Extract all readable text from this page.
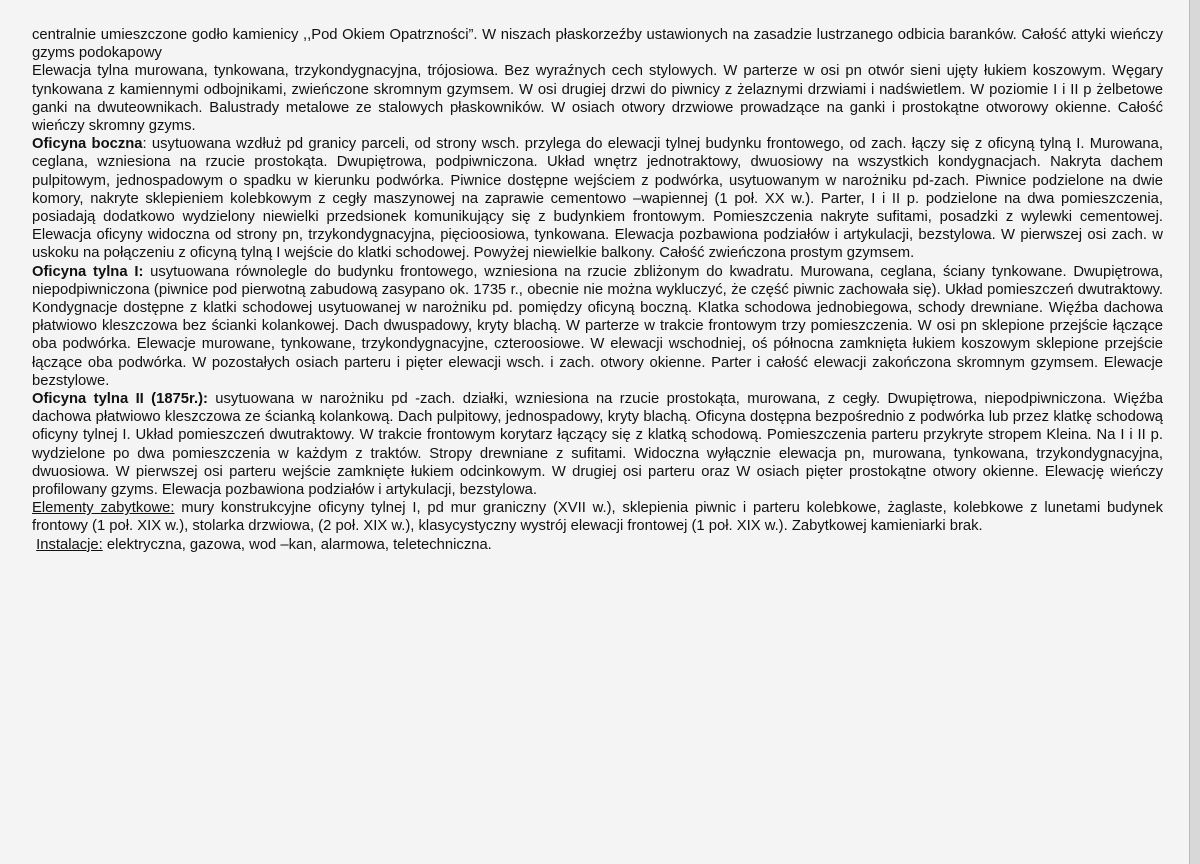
centralnie umieszczone godło kamienicy ,,Pod Okiem Opatrzności”. W niszach płaskorzeźby ustawionych na zasadzie lustrzanego odbicia baranków. Całość attyki wieńczy gzyms podokapowy

Elewacja tylna murowana, tynkowana, trzykondygnacyjna, trójosiowa. Bez wyraźnych cech stylowych. W parterze w osi pn otwór sieni ujęty łukiem koszowym. Węgary tynkowana z kamiennymi odbojnikami, zwieńczone skromnym gzymsem. W osi drugiej drzwi do piwnicy z żelaznymi drzwiami i nadświetlem. W poziomie I i II p żelbetowe ganki na dwuteownikach. Balustrady metalowe ze stalowych płaskowników. W osiach otwory drzwiowe prowadzące na ganki i prostokątne otworowy okienne. Całość wieńczy skromny gzyms.

Oficyna boczna: usytuowana wzdłuż pd granicy parceli, od strony wsch. przylega do elewacji tylnej budynku frontowego, od zach. łączy się z oficyną tylną I. Murowana, ceglana, wzniesiona na rzucie prostokąta. Dwupiętrowa, podpiwniczona. Układ wnętrz jednotraktowy, dwuosiowy na wszystkich kondygnacjach. Nakryta dachem pulpitowym, jednospadowym o spadku w kierunku podwórka. Piwnice dostępne wejściem z podwórka, usytuowanym w narożniku pd-zach. Piwnice podzielone na dwie komory, nakryte sklepieniem kolebkowym z cegły maszynowej na zaprawie cementowo –wapiennej (1 poł. XX w.). Parter, I i II p. podzielone na dwa pomieszczenia, posiadają dodatkowo wydzielony niewielki przedsionek komunikujący się z budynkiem frontowym. Pomieszczenia nakryte sufitami, posadzki z wylewki cementowej. Elewacja oficyny widoczna od strony pn, trzykondygnacyjna, pięcioosiowa, tynkowana. Elewacja pozbawiona podziałów i artykulacji, bezstylowa. W pierwszej osi zach. w uskoku na połączeniu z oficyną tylną I wejście do klatki schodowej. Powyżej niewielkie balkony. Całość zwieńczona prostym gzymsem.

Oficyna tylna I: usytuowana równolegle do budynku frontowego, wzniesiona na rzucie zbliżonym do kwadratu. Murowana, ceglana, ściany tynkowane. Dwupiętrowa, niepodpiwniczona (piwnice pod pierwotną zabudową zasypano ok. 1735 r., obecnie nie można wykluczyć, że część piwnic zachowała się). Układ pomieszczeń dwutraktowy. Kondygnacje dostępne z klatki schodowej usytuowanej w narożniku pd. pomiędzy oficyną boczną. Klatka schodowa jednobiegowa, schody drewniane. Więźba dachowa płatwiowo kleszczowa bez ścianki kolankowej. Dach dwuspadowy, kryty blachą. W parterze w trakcie frontowym trzy pomieszczenia. W osi pn sklepione przejście łączące oba podwórka. Elewacje murowane, tynkowane, trzykondygnacyjne, czteroosiowe. W elewacji wschodniej, oś północna zamknięta łukiem koszowym sklepione przejście łączące oba podwórka. W pozostałych osiach parteru i pięter elewacji wsch. i zach. otwory okienne. Parter i całość elewacji zakończona skromnym gzymsem. Elewacje bezstylowe.

Oficyna tylna II (1875r.): usytuowana w narożniku pd -zach. działki, wzniesiona na rzucie prostokąta, murowana, z cegły. Dwupiętrowa, niepodpiwniczona. Więźba dachowa płatwiowo kleszczowa ze ścianką kolankową. Dach pulpitowy, jednospadowy, kryty blachą. Oficyna dostępna bezpośrednio z podwórka lub przez klatkę schodową oficyny tylnej I. Układ pomieszczeń dwutraktowy. W trakcie frontowym korytarz łączący się z klatką schodową. Pomieszczenia parteru przykryte stropem Kleina. Na I i II p. wydzielone po dwa pomieszczenia w każdym z traktów. Stropy drewniane z sufitami. Widoczna wyłącznie elewacja pn, murowana, tynkowana, trzykondygnacyjna, dwuosiowa. W pierwszej osi parteru wejście zamknięte łukiem odcinkowym. W drugiej osi parteru oraz W osiach pięter prostokątne otwory okienne. Elewację wieńczy profilowany gzyms. Elewacja pozbawiona podziałów i artykulacji, bezstylowa.

Elementy zabytkowe: mury konstrukcyjne oficyny tylnej I, pd mur graniczny (XVII w.), sklepienia piwnic i parteru kolebkowe, żaglaste, kolebkowe z lunetami budynek frontowy (1 poł. XIX w.), stolarka drzwiowa, (2 poł. XIX w.), klasycystyczny wystrój elewacji frontowej (1 poł. XIX w.). Zabytkowej kamieniarki brak.

Instalacje: elektryczna, gazowa, wod –kan, alarmowa, teletechniczna.
